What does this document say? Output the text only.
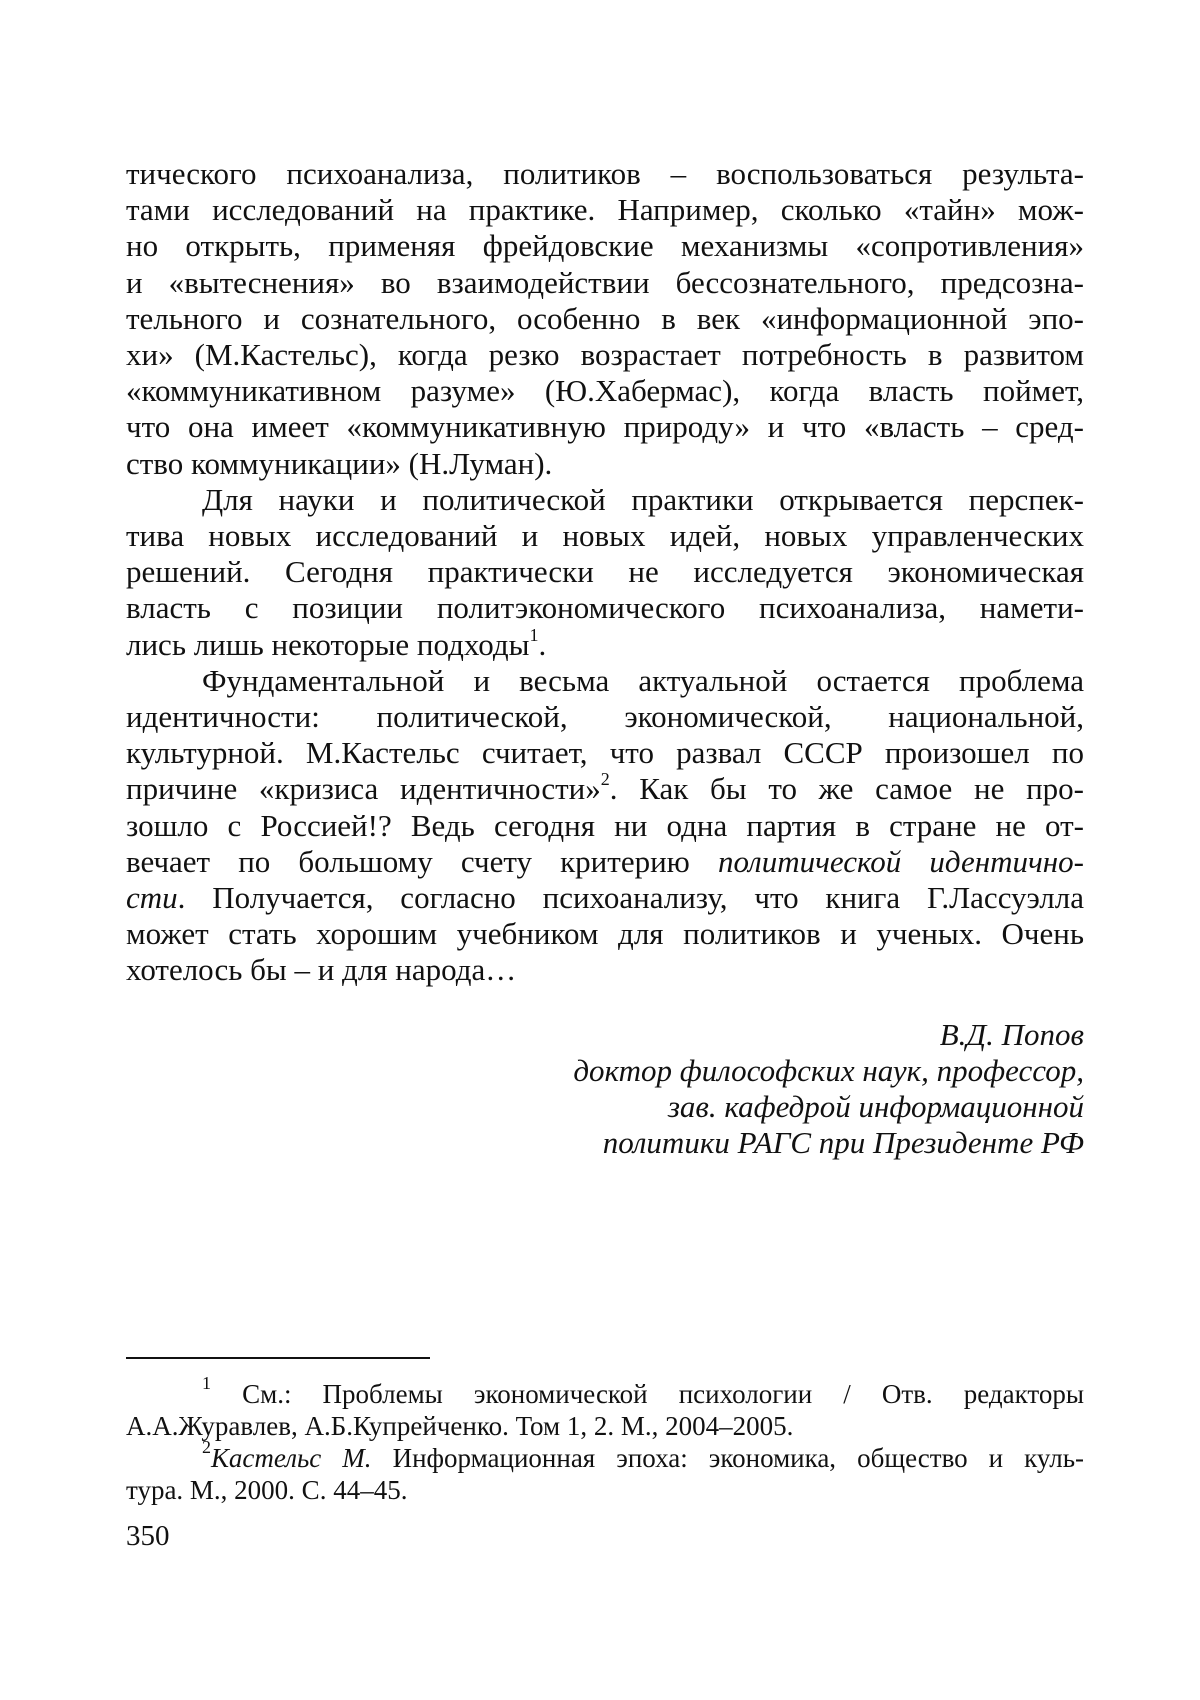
тического психоанализа, политиков – воспользоваться результа-
тами исследований на практике. Например, сколько «тайн» мож-
но открыть, применяя фрейдовские механизмы «сопротивления»
и «вытеснения» во взаимодействии бессознательного, предсозна-
тельного и сознательного, особенно в век «информационной эпо-
хи» (М.Кастельс), когда резко возрастает потребность в развитом
«коммуникативном разуме» (Ю.Хабермас), когда власть поймет,
что она имеет «коммуникативную природу» и что «власть – сред-
ство коммуникации» (Н.Луман).
Для науки и политической практики открывается перспек-
тива новых исследований и новых идей, новых управленческих
решений. Сегодня практически не исследуется экономическая
власть с позиции политэкономического психоанализа, намети-
лись лишь некоторые подходы$^1$.
Фундаментальной и весьма актуальной остается проблема
идентичности: политической, экономической, национальной,
культурной. М.Кастельс считает, что развал СССР произошел по
причине «кризиса идентичности»$^2$. Как бы то же самое не про-
зошло с Россией!? Ведь сегодня ни одна партия в стране не от-
вечает по большому счету критерию политической идентично-
сти. Получается, согласно психоанализу, что книга Г.Лассуэлла
может стать хорошим учебником для политиков и ученых. Очень
хотелось бы – и для народа…
В.Д. Попов
доктор философских наук, профессор,
зав. кафедрой информационной
политики РАГС при Президенте РФ
$^1$ См.: Проблемы экономической психологии / Отв. редакторы
А.А.Журавлев, А.Б.Купрейченко. Том 1, 2. М., 2004–2005.
$^2$Кастельс М. Информационная эпоха: экономика, общество и куль-
тура. М., 2000. С. 44–45.
350
